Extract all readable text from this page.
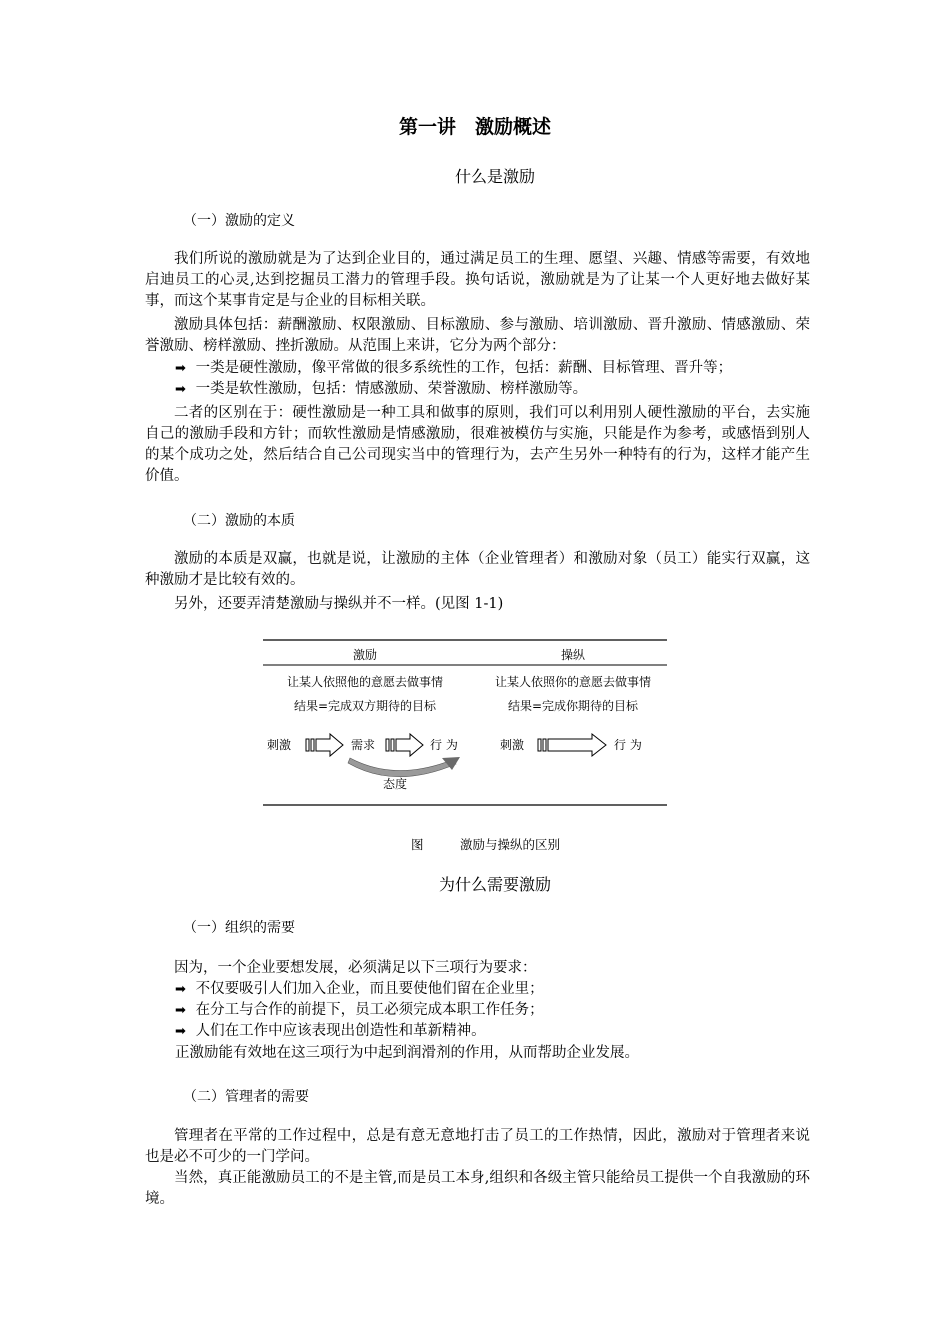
第一讲　激励概述
什么是激励
（一）激励的定义
我们所说的激励就是为了达到企业目的，通过满足员工的生理、愿望、兴趣、情感等需要，有效地启迪员工的心灵,达到挖掘员工潜力的管理手段。换句话说，激励就是为了让某一个人更好地去做好某事，而这个某事肯定是与企业的目标相关联。
激励具体包括：薪酬激励、权限激励、目标激励、参与激励、培训激励、晋升激励、情感激励、荣誉激励、榜样激励、挫折激励。从范围上来讲，它分为两个部分：
➡ 一类是硬性激励，像平常做的很多系统性的工作，包括：薪酬、目标管理、晋升等；
➡ 一类是软性激励，包括：情感激励、荣誉激励、榜样激励等。
二者的区别在于：硬性激励是一种工具和做事的原则，我们可以利用别人硬性激励的平台，去实施自己的激励手段和方针；而软性激励是情感激励，很难被模仿与实施，只能是作为参考，或感悟到别人的某个成功之处，然后结合自己公司现实当中的管理行为，去产生另外一种特有的行为，这样才能产生价值。
（二）激励的本质
激励的本质是双赢，也就是说，让激励的主体（企业管理者）和激励对象（员工）能实行双赢，这种激励才是比较有效的。
另外，还要弄清楚激励与操纵并不一样。(见图 1-1)
激励	操纵
让某人依照他的意愿去做事情
结果=完成双方期待的目标
让某人依照你的意愿去做事情
结果=完成你期待的目标
刺激	需求	行 为
态度
刺激	行 为
图	激励与操纵的区别
为什么需要激励
（一）组织的需要
因为，一个企业要想发展，必须满足以下三项行为要求：
➡ 不仅要吸引人们加入企业，而且要使他们留在企业里；
➡ 在分工与合作的前提下，员工必须完成本职工作任务；
➡ 人们在工作中应该表现出创造性和革新精神。
正激励能有效地在这三项行为中起到润滑剂的作用，从而帮助企业发展。
（二）管理者的需要
管理者在平常的工作过程中，总是有意无意地打击了员工的工作热情，因此，激励对于管理者来说也是必不可少的一门学问。
当然，真正能激励员工的不是主管,而是员工本身,组织和各级主管只能给员工提供一个自我激励的环境。
